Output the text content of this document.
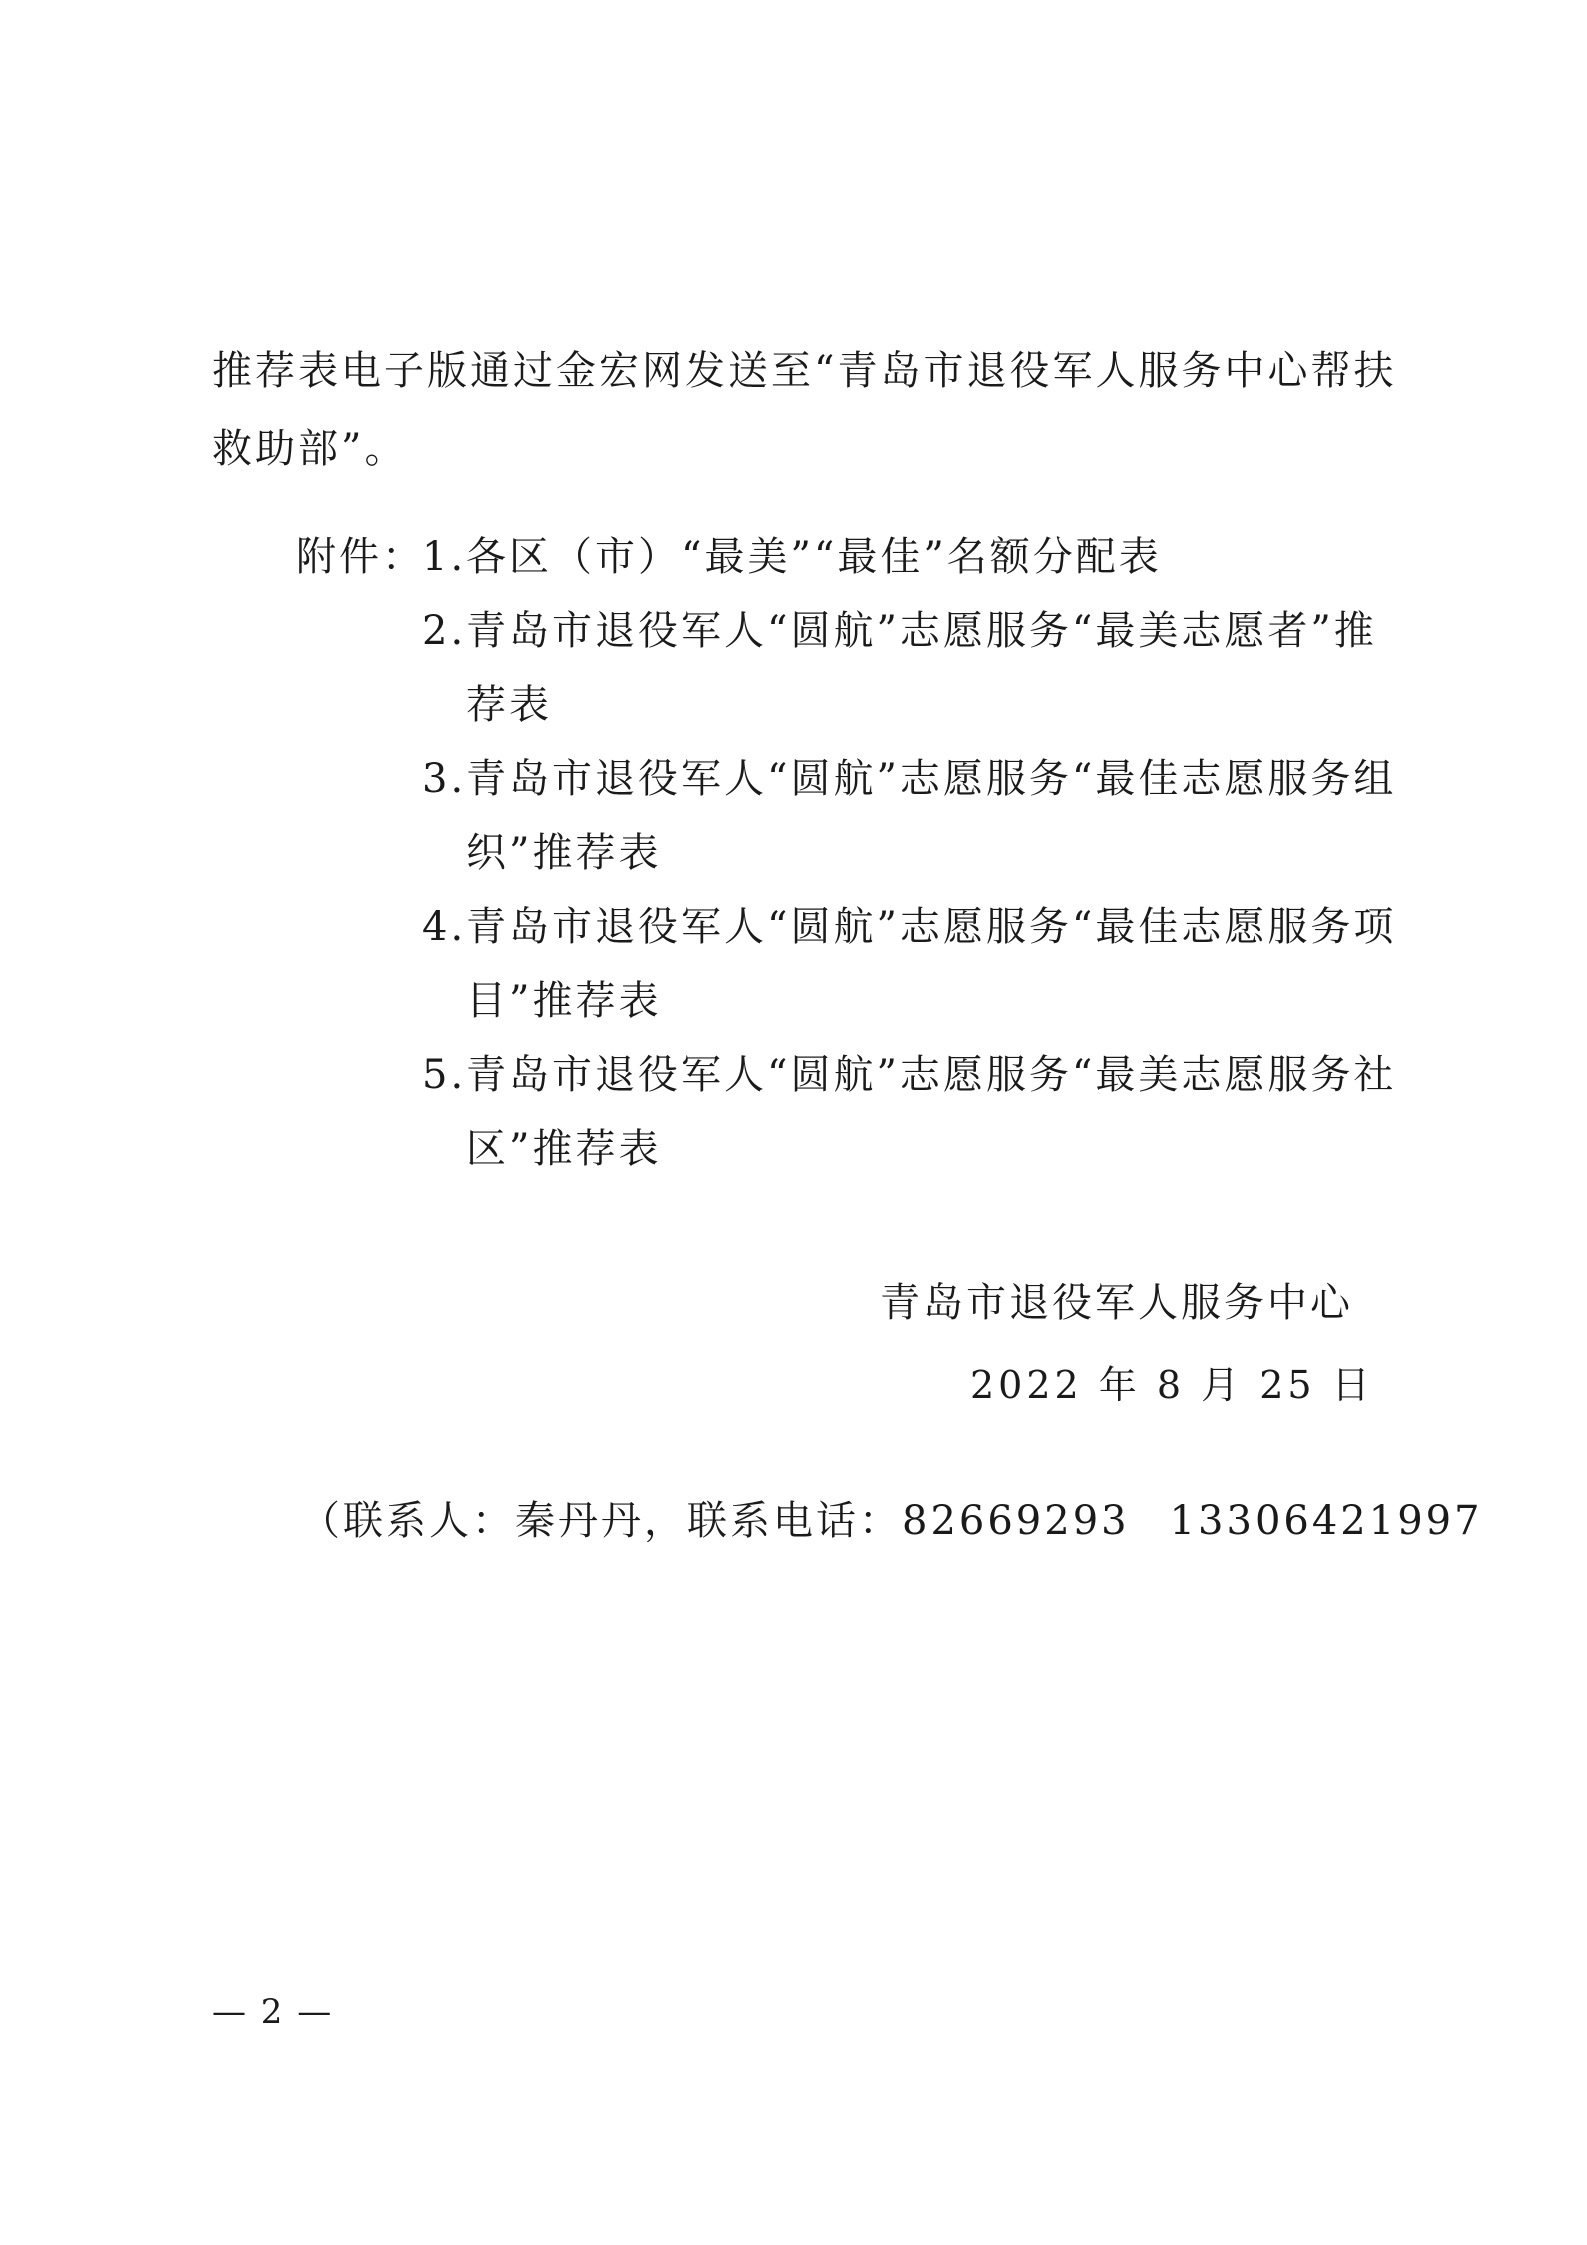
推荐表电子版通过金宏网发送至“青岛市退役军人服务中心帮扶救助部”。

附件：
1. 各区（市）“最美”“最佳”名额分配表
2. 青岛市退役军人“圆航”志愿服务“最美志愿者”推荐表
3. 青岛市退役军人“圆航”志愿服务“最佳志愿服务组织”推荐表
4. 青岛市退役军人“圆航”志愿服务“最佳志愿服务项目”推荐表
5. 青岛市退役军人“圆航”志愿服务“最美志愿服务社区”推荐表
青岛市退役军人服务中心
2022 年 8 月 25 日
（联系人：秦丹丹，联系电话：82669293 13306421997
— 2 —
